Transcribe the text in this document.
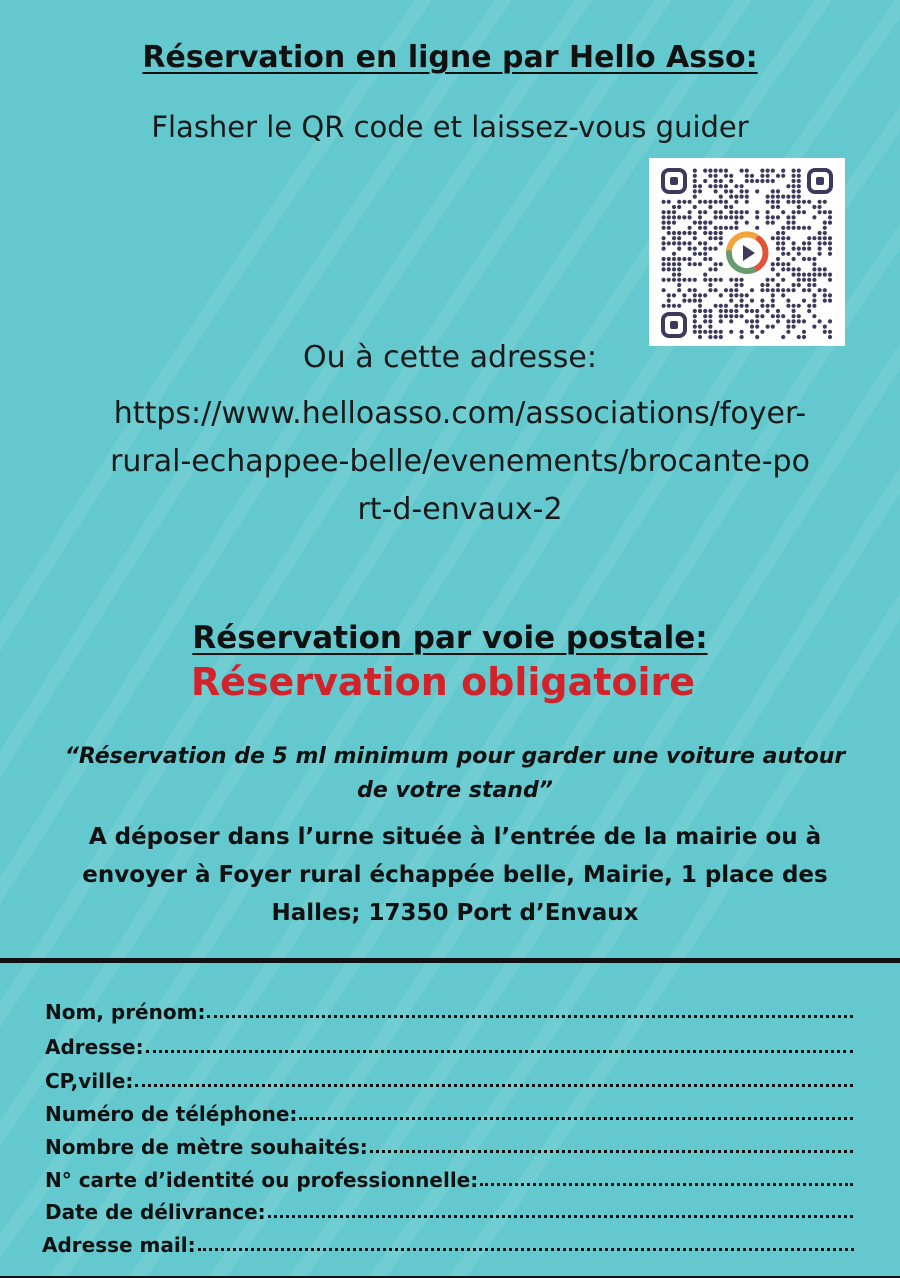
Réservation en ligne par Hello Asso:
Flasher le QR code et laissez-vous guider
Ou à cette adresse:
https://www.helloasso.com/associations/foyer-rural-echappee-belle/evenements/brocante-port-d-envaux-2
Réservation par voie postale:
Réservation obligatoire
“Réservation de 5 ml minimum pour garder une voiture autour de votre stand”
A déposer dans l’urne située à l’entrée de la mairie ou à envoyer à Foyer rural échappée belle, Mairie, 1 place des Halles; 17350 Port d’Envaux
Nom, prénom:
Adresse:
CP,ville:
Numéro de téléphone:
Nombre de mètre souhaités:
N° carte d’identité ou professionnelle:
Date de délivrance:
Adresse mail:
